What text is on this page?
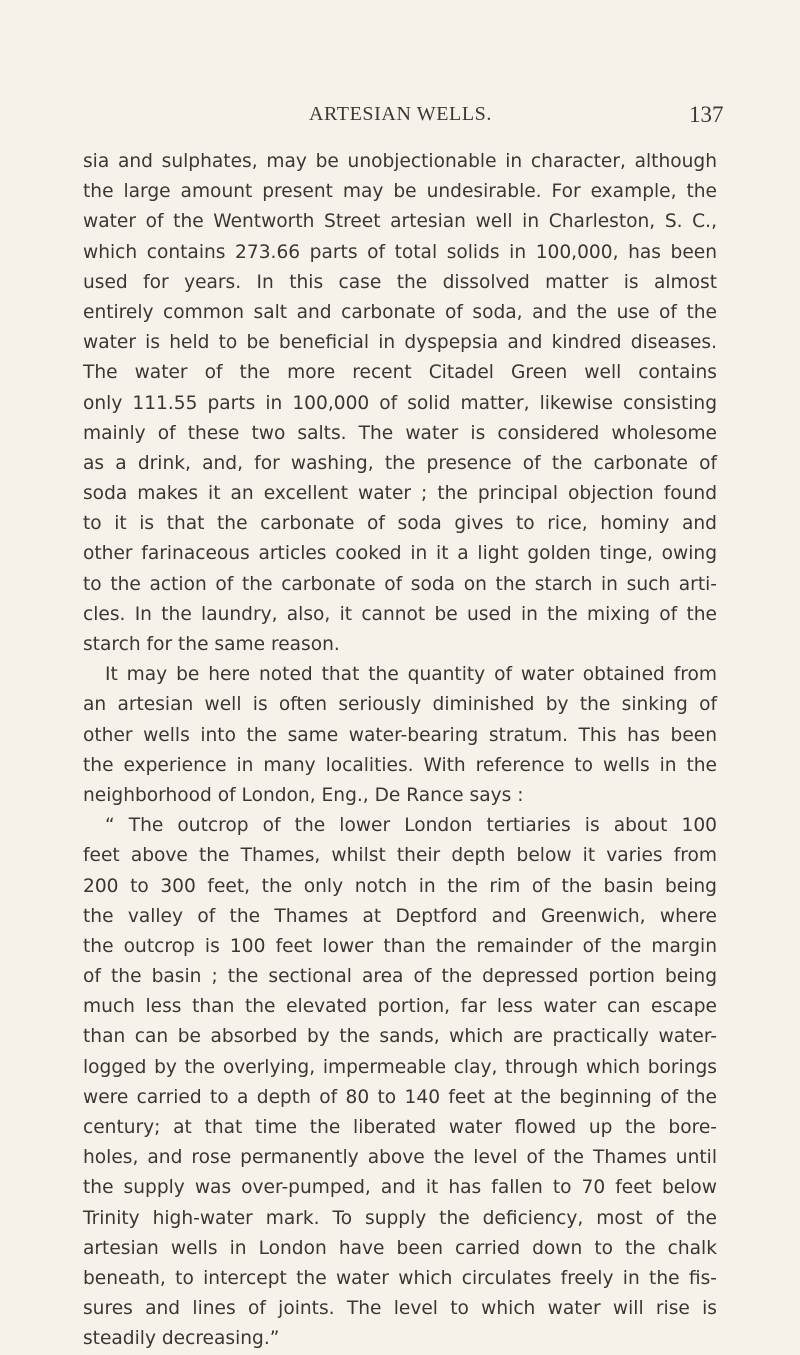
ARTESIAN WELLS.	137
sia and sulphates, may be unobjectionable in character, although
the large amount present may be undesirable. For example, the
water of the Wentworth Street artesian well in Charleston, S. C.,
which contains 273.66 parts of total solids in 100,000, has been
used for years. In this case the dissolved matter is almost
entirely common salt and carbonate of soda, and the use of the
water is held to be beneficial in dyspepsia and kindred diseases.
The water of the more recent Citadel Green well contains
only 111.55 parts in 100,000 of solid matter, likewise consisting
mainly of these two salts. The water is considered wholesome
as a drink, and, for washing, the presence of the carbonate of
soda makes it an excellent water ; the principal objection found
to it is that the carbonate of soda gives to rice, hominy and
other farinaceous articles cooked in it a light golden tinge, owing
to the action of the carbonate of soda on the starch in such arti-
cles. In the laundry, also, it cannot be used in the mixing of the
starch for the same reason.
It may be here noted that the quantity of water obtained from
an artesian well is often seriously diminished by the sinking of
other wells into the same water-bearing stratum. This has been
the experience in many localities. With reference to wells in the
neighborhood of London, Eng., De Rance says :
“ The outcrop of the lower London tertiaries is about 100
feet above the Thames, whilst their depth below it varies from
200 to 300 feet, the only notch in the rim of the basin being
the valley of the Thames at Deptford and Greenwich, where
the outcrop is 100 feet lower than the remainder of the margin
of the basin ; the sectional area of the depressed portion being
much less than the elevated portion, far less water can escape
than can be absorbed by the sands, which are practically water-
logged by the overlying, impermeable clay, through which borings
were carried to a depth of 80 to 140 feet at the beginning of the
century; at that time the liberated water flowed up the bore-
holes, and rose permanently above the level of the Thames until
the supply was over-pumped, and it has fallen to 70 feet below
Trinity high-water mark. To supply the deficiency, most of the
artesian wells in London have been carried down to the chalk
beneath, to intercept the water which circulates freely in the fis-
sures and lines of joints. The level to which water will rise is
steadily decreasing.”
